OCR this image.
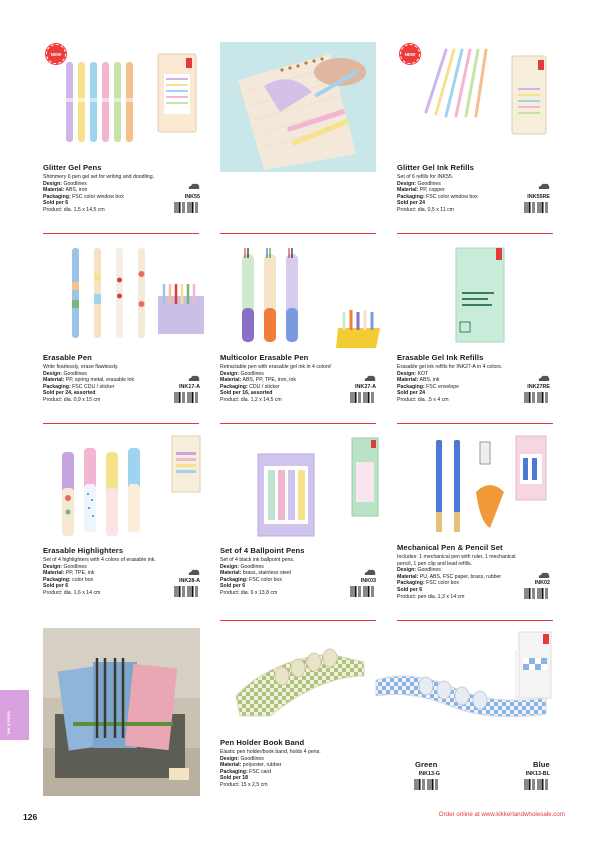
NEW	NEW
Glitter Gel Pens
Shimmery 6 pen gel set for writing and doodling.
Design: Goodlines
Material: ABS, iron
Packaging: FSC color window box
Sold per 6
Product: dia. 1,5 x 14,5 cm
INK55
Glitter Gel Ink Refills
Set of 6 refills for INK55.
Design: Goodlines
Material: PP, copper
Packaging: FSC color window box
Sold per 24
Product: dia. 0,5 x 11 cm
INK55RE
Erasable Pen
Write fearlessly, erase flawlessly.
Design: Goodlines
Material: PP, spring metal, erasable ink
Packaging: FSC CDU / sticker
Sold per 24, assorted
Product: dia. 0,9 x 15 cm
INK17-A
Multicolor Erasable Pen
Retractable pen with erasable gel ink in 4 colors!
Design: Goodlines
Material: ABS, PP, TPE, iron, ink
Packaging: CDU / sticker
Sold per 16, assorted
Product: dia. 1,2 x 14,5 cm
INK27-A
Erasable Gel Ink Refills
Erasable gel ink refills for INK27-A in 4 colors.
Design: KOT
Material: ABS, ink
Packaging: FSC envelope
Sold per 24
Product: dia. ,5 x 4 cm
INK27RE
Erasable Highlighters
Set of 4 highlighters with 4 colors of erasable ink.
Design: Goodlines
Material: PP, TPE, ink
Packaging: color box
Sold per 6
Product: dia. 1,6 x 14 cm
INK28-A
Set of 4 Ballpoint Pens
Set of 4 black ink ballpoint pens.
Design: Goodlines
Material: brass, stainless steel
Packaging: FSC color box
Sold per 6
Product: dia. 6 x 13,8 cm
INK03
Mechanical Pen & Pencil Set
Includes: 1 mechanical pen with ruler, 1 mechanical
pencil, 1 pen clip and lead refills.
Design: Goodlines
Material: PU, ABS, FSC paper, brass, rubber
Packaging: FSC color box
Sold per 6
Product: pen dia. 1,3 x 14 cm
INK02
Pen Holder Book Band
Elastic pen holder/book band, holds 4 pens.
Design: Goodlines
Material: polyester, rubber
Packaging: FSC card
Sold per 18
Product: 15 x 2,5 cm
Green
INK13-G
Blue
INK13-BL
INK & PENS
126	Order online at www.kikkerlandwholesale.com
